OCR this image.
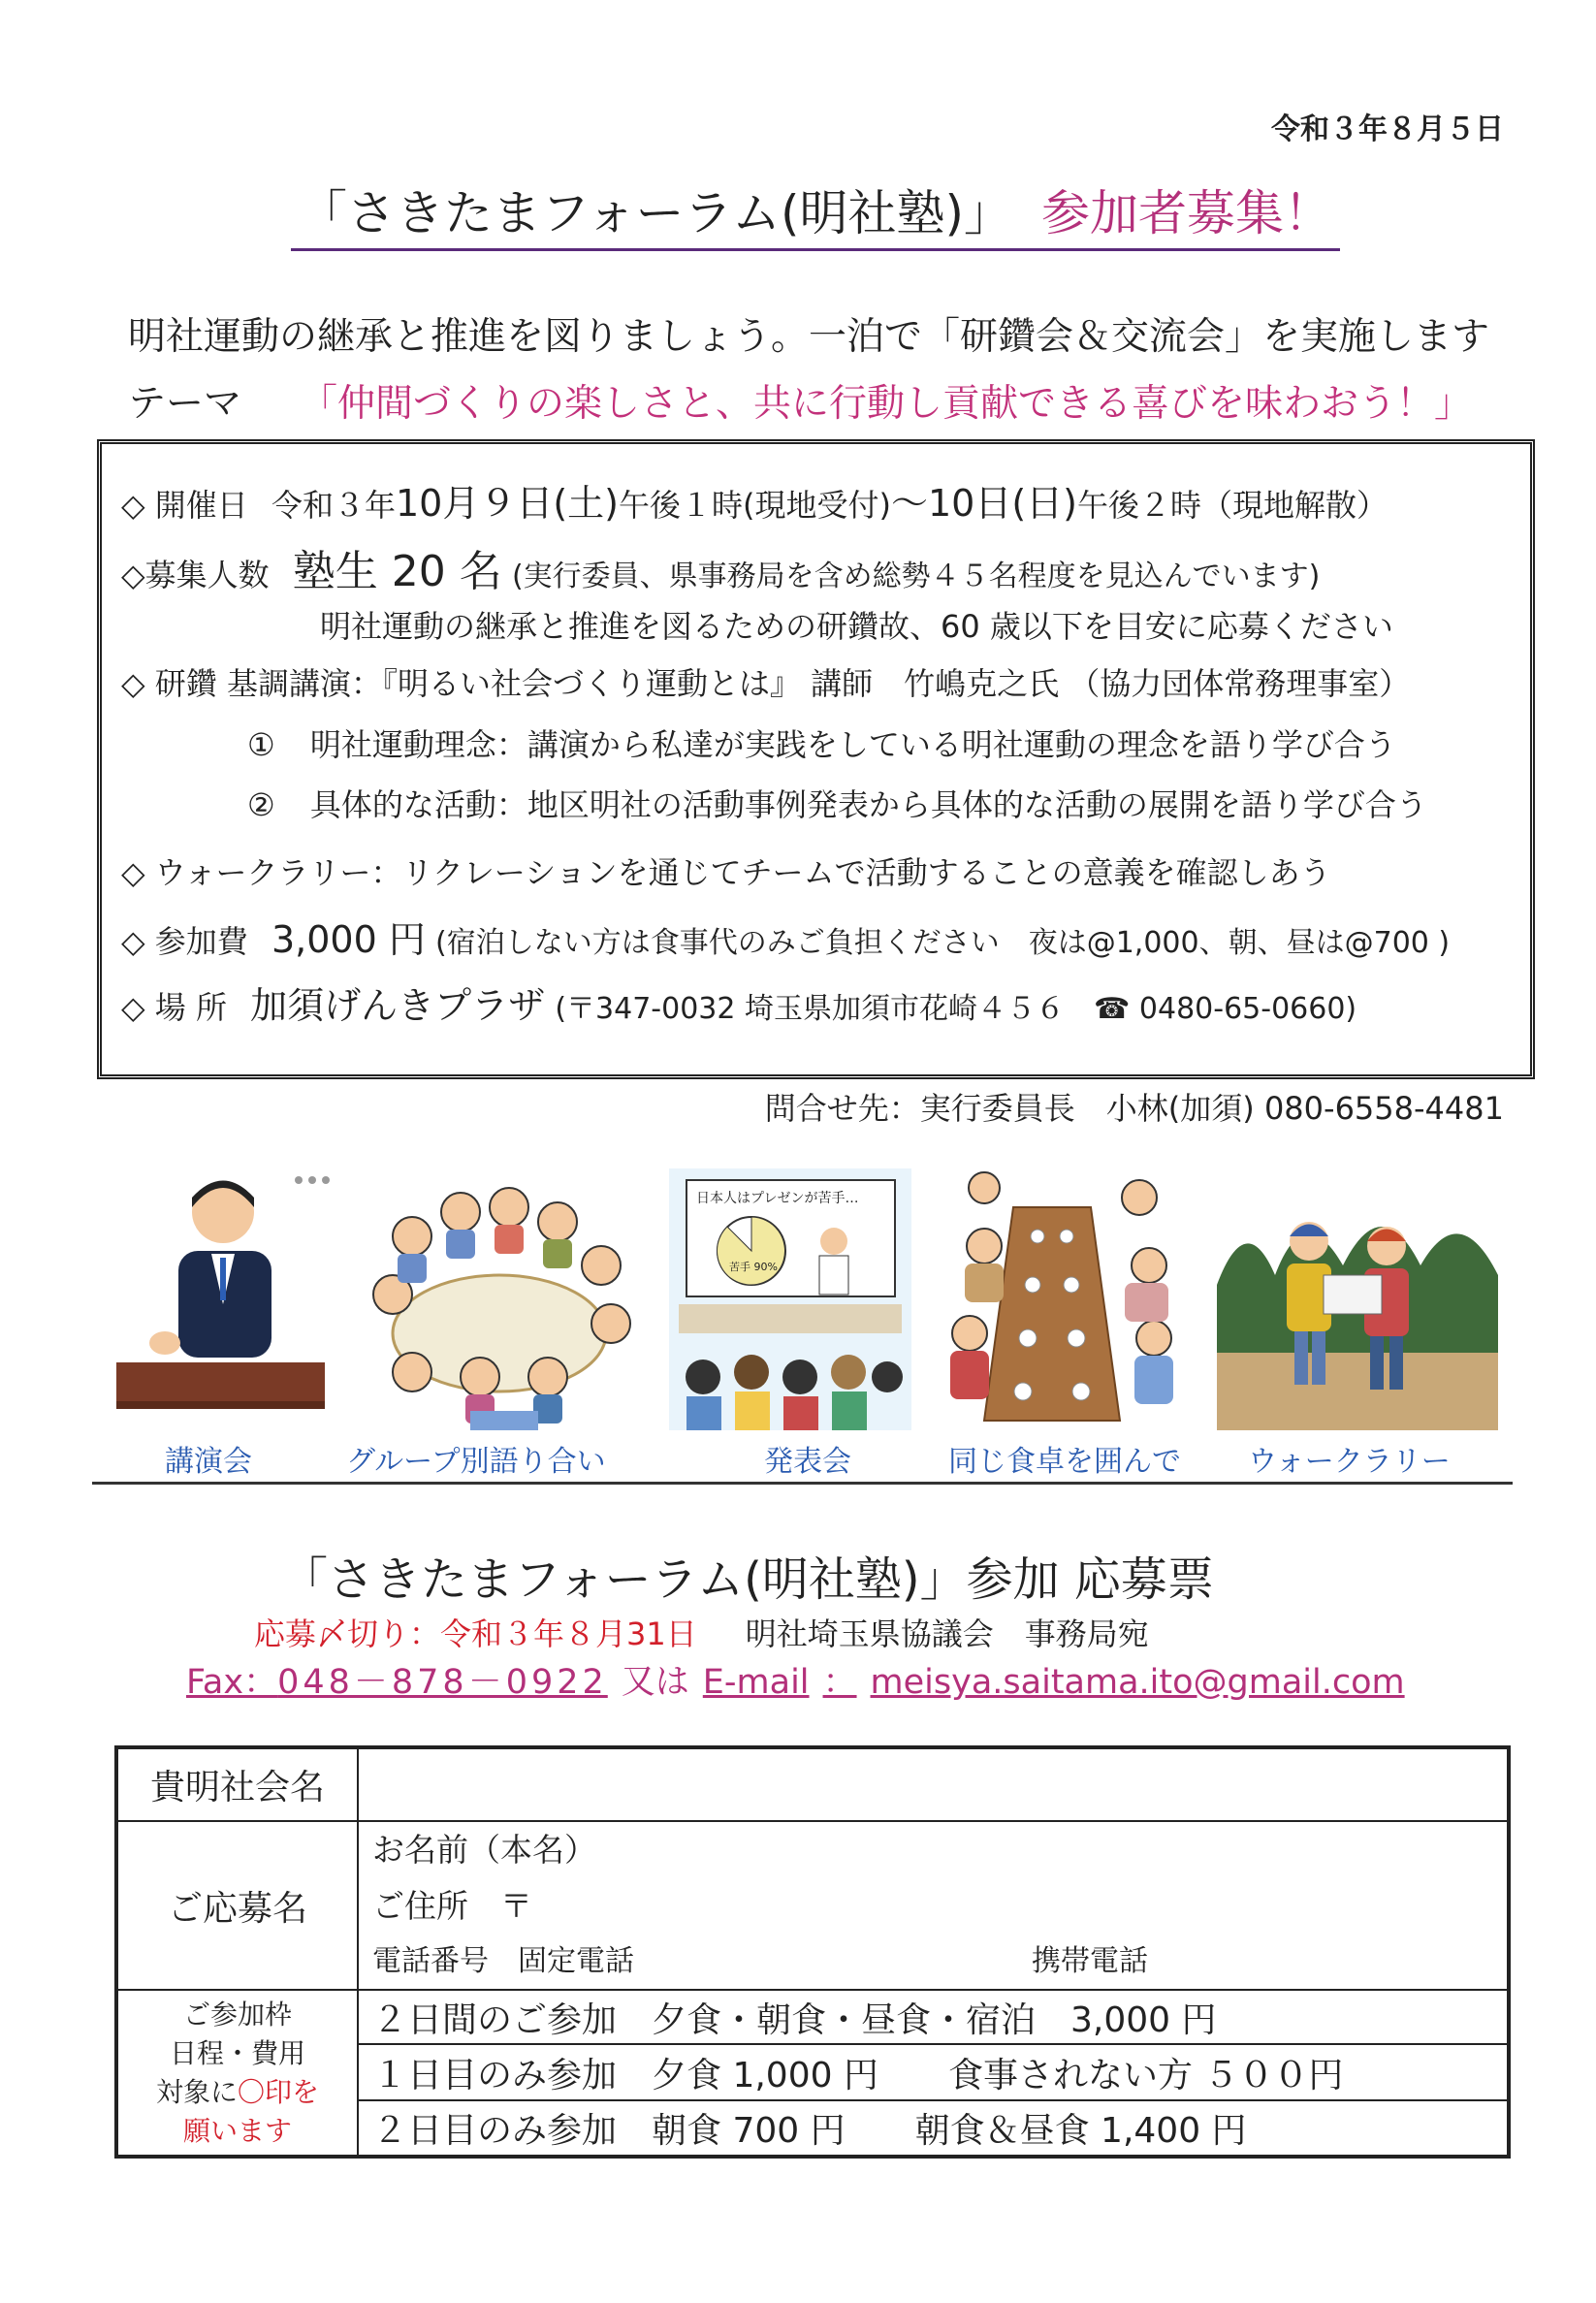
令和３年８月５日
「さきたまフォーラム(明社塾)」 参加者募集！
明社運動の継承と推進を図りましょう。一泊で「研鑽会＆交流会」を実施します
テーマ 「仲間づくりの楽しさと、共に行動し貢献できる喜びを味わおう！」
◇ 開催日 令和３年10月９日(土)午後１時(現地受付)～10日(日)午後２時（現地解散）
◇募集人数 塾生 20 名 (実行委員、県事務局を含め総勢４５名程度を見込んでいます)
明社運動の継承と推進を図るための研鑽故、60 歳以下を目安に応募ください
◇ 研鑽 基調講演：『明るい社会づくり運動とは』 講師　竹嶋克之氏 （協力団体常務理事室）
① 明社運動理念：講演から私達が実践をしている明社運動の理念を語り学び合う
② 具体的な活動：地区明社の活動事例発表から具体的な活動の展開を語り学び合う
◇ ウォークラリー：リクレーションを通じてチームで活動することの意義を確認しあう
◇ 参加費 3,000 円 (宿泊しない方は食事代のみご負担ください　夜は@1,000、朝、昼は@700 )
◇ 場 所 加須げんきプラザ (〒347-0032 埼玉県加須市花崎４５６　☎ 0480-65-0660)
問合せ先：実行委員長　小林(加須) 080-6558-4481
日本人はプレゼンが苦手…
苦手 90%
講演会	グループ別語り合い	発表会	同じ食卓を囲んで ウォークラリー
「さきたまフォーラム(明社塾)」参加 応募票
応募〆切り：令和３年８月31日 明社埼玉県協議会　事務局宛
Fax：048－878－0922 又は E-mail ： meisya.saitama.ito@gmail.com
貴明社会名	
ご応募名	お名前（本名）
ご住所　〒
電話番号　固定電話 携帯電話

ご参加枠
日程・費用
対象に〇印を
願います	２日間のご参加　夕食・朝食・昼食・宿泊　3,000 円
	１日目のみ参加　夕食 1,000 円　　食事されない方 ５００円
	２日目のみ参加　朝食 700 円　　朝食＆昼食 1,400 円
